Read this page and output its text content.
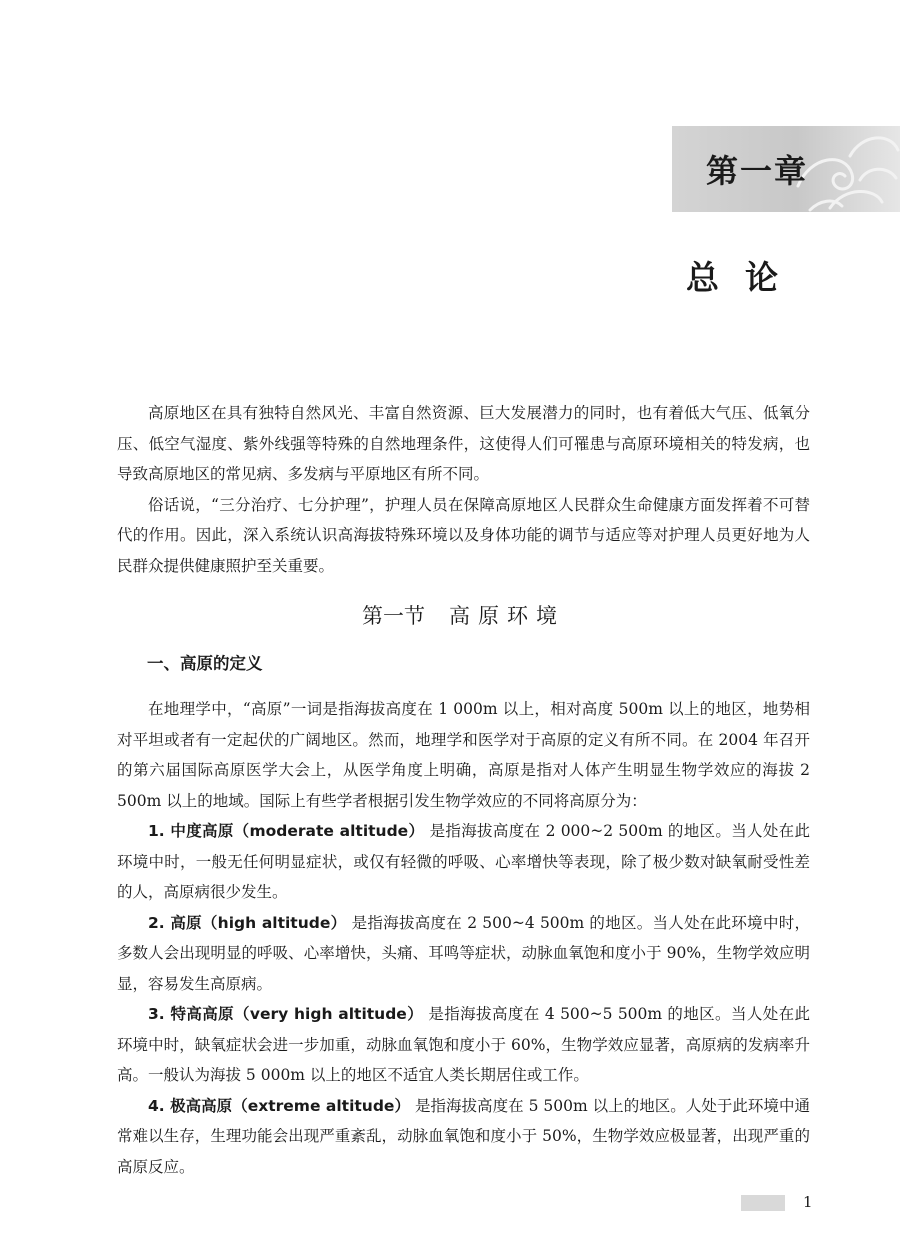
第一章
总论

高原地区在具有独特自然风光、丰富自然资源、巨大发展潜力的同时，也有着低大气压、低氧分压、低空气湿度、紫外线强等特殊的自然地理条件，这使得人们可罹患与高原环境相关的特发病，也导致高原地区的常见病、多发病与平原地区有所不同。

俗话说，“三分治疗、七分护理”，护理人员在保障高原地区人民群众生命健康方面发挥着不可替代的作用。因此，深入系统认识高海拔特殊环境以及身体功能的调节与适应等对护理人员更好地为人民群众提供健康照护至关重要。

第一节 高原环境
一、高原的定义

在地理学中，“高原”一词是指海拔高度在 1 000m 以上，相对高度 500m 以上的地区，地势相对平坦或者有一定起伏的广阔地区。然而，地理学和医学对于高原的定义有所不同。在 2004 年召开的第六届国际高原医学大会上，从医学角度上明确，高原是指对人体产生明显生物学效应的海拔 2 500m 以上的地域。国际上有些学者根据引发生物学效应的不同将高原分为：

1. 中度高原（moderate altitude） 是指海拔高度在 2 000~2 500m 的地区。当人处在此环境中时，一般无任何明显症状，或仅有轻微的呼吸、心率增快等表现，除了极少数对缺氧耐受性差的人，高原病很少发生。

2. 高原（high altitude） 是指海拔高度在 2 500~4 500m 的地区。当人处在此环境中时，多数人会出现明显的呼吸、心率增快，头痛、耳鸣等症状，动脉血氧饱和度小于 90%，生物学效应明显，容易发生高原病。

3. 特高高原（very high altitude） 是指海拔高度在 4 500~5 500m 的地区。当人处在此环境中时，缺氧症状会进一步加重，动脉血氧饱和度小于 60%，生物学效应显著，高原病的发病率升高。一般认为海拔 5 000m 以上的地区不适宜人类长期居住或工作。

4. 极高高原（extreme altitude） 是指海拔高度在 5 500m 以上的地区。人处于此环境中通常难以生存，生理功能会出现严重紊乱，动脉血氧饱和度小于 50%，生物学效应极显著，出现严重的高原反应。

1
